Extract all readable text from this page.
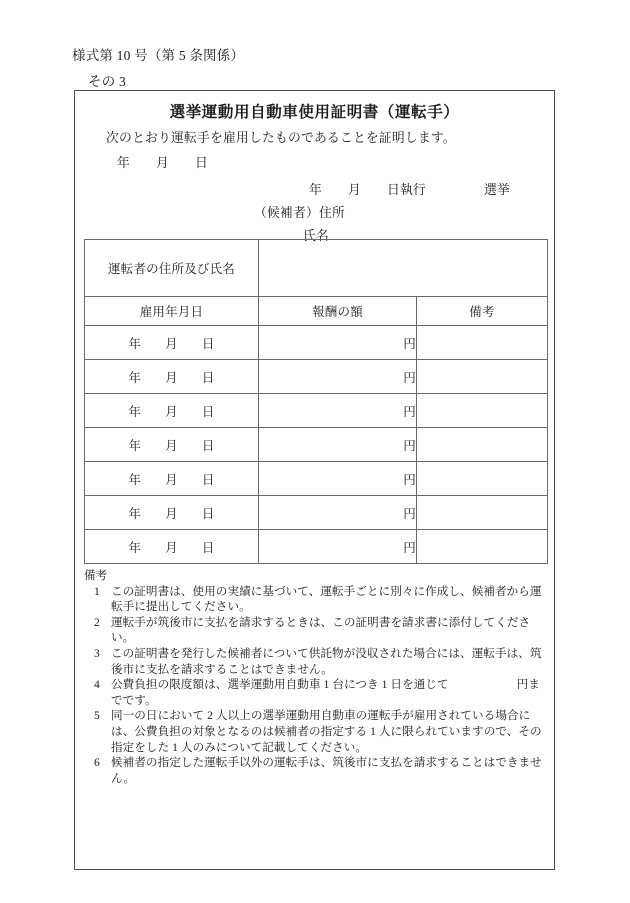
様式第 10 号（第 5 条関係）
その 3
選挙運動用自動車使用証明書（運転手）
次のとおり運転手を雇用したものであることを証明します。
年 月 日
年 月 日執行	選挙
（候補者）住所
氏名
運転者の住所及び氏名		
雇用年月日	報酬の額	備考
年 月 日	円	
年 月 日	円	
年 月 日	円	
年 月 日	円	
年 月 日	円	
年 月 日	円	
年 月 日	円	
備考
1 この証明書は、使用の実績に基づいて、運転手ごとに別々に作成し、候補者から運転手に提出してください。
2 運転手が筑後市に支払を請求するときは、この証明書を請求書に添付してください。
3 この証明書を発行した候補者について供託物が没収された場合には、運転手は、筑後市に支払を請求することはできません。
4 公費負担の限度額は、選挙運動用自動車 1 台につき 1 日を通じて	円までです。
5 同一の日において 2 人以上の選挙運動用自動車の運転手が雇用されている場合には、公費負担の対象となるのは候補者の指定する 1 人に限られていますので、その指定をした 1 人のみについて記載してください。
6 候補者の指定した運転手以外の運転手は、筑後市に支払を請求することはできません。
